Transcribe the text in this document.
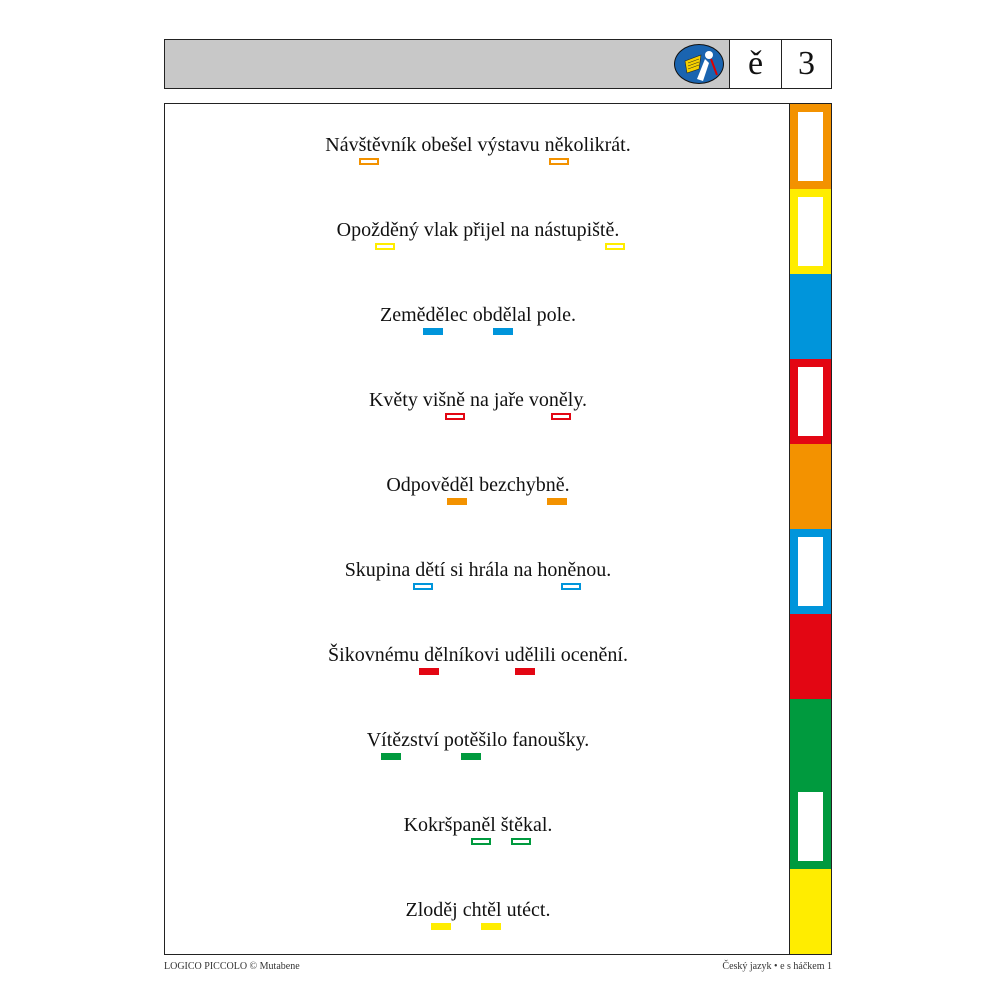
ě	3
Návštěvník obešel výstavu několikrát.
Opožděný vlak přijel na nástupiště.
Zemědělec obdělal pole.
Květy višně na jaře voněly.
Odpověděl bezchybně.
Skupina dětí si hrála na honěnou.
Šikovnému dělníkovi udělili ocenění.
Vítězství potěšilo fanoušky.
Kokršpaněl štěkal.
Zloděj chtěl utéct.
LOGICO PICCOLO © Mutabene	Český jazyk • e s háčkem 1
